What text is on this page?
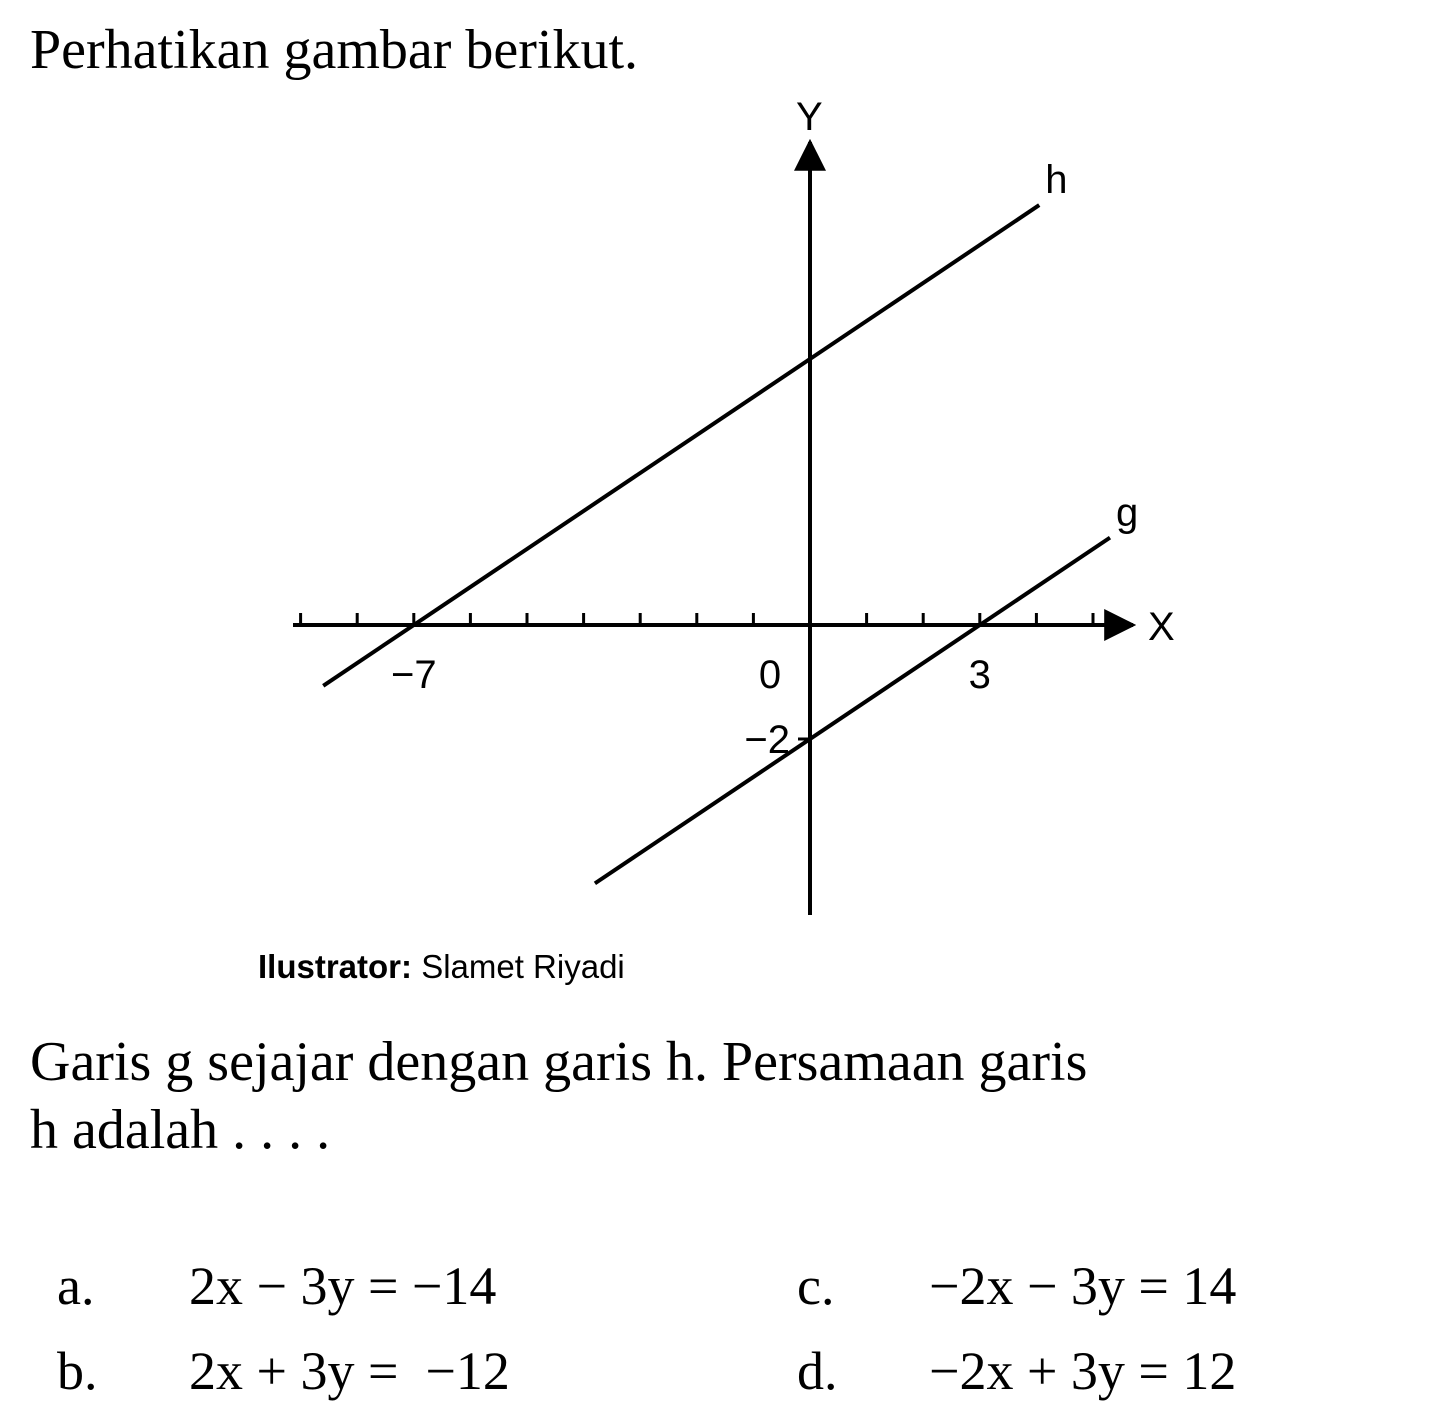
Perhatikan gambar berikut.
h
g
Y
X
−7	0	3
−2
Ilustrator: Slamet Riyadi
Garis g sejajar dengan garis h. Persamaan garis
h adalah . . . .

a. 2x − 3y = −14

b. 2x + 3y =  −12

c. −2x − 3y = 14

d. −2x + 3y = 12
